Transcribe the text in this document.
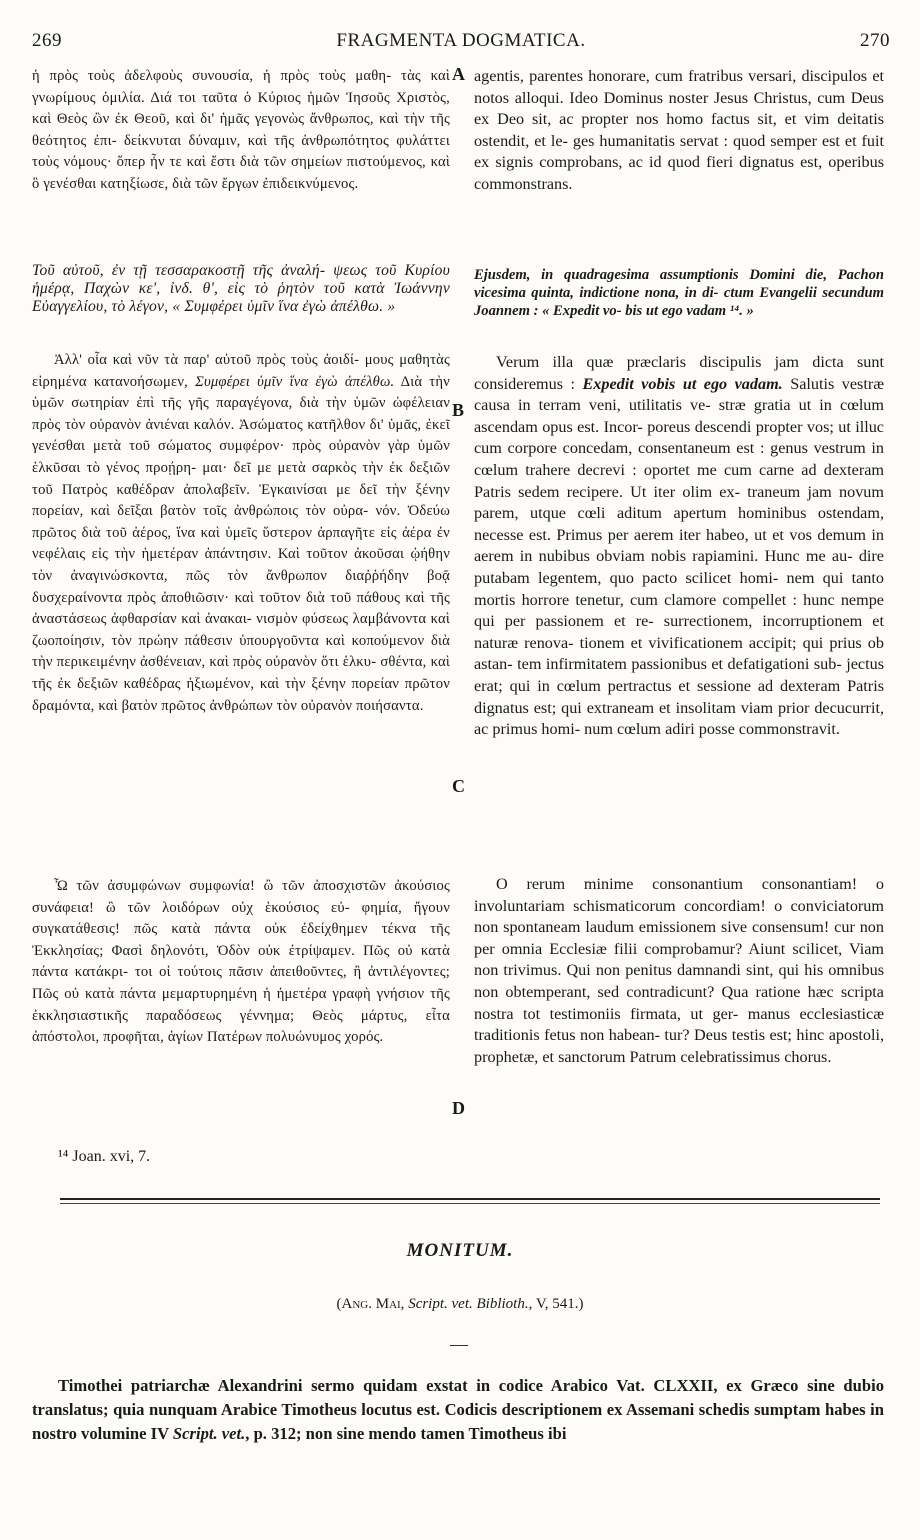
269	FRAGMENTA DOGMATICA.	270

ἡ πρὸς τοὺς ἀδελφοὺς συνουσία, ἡ πρὸς τοὺς μαθη- τὰς καὶ γνωρίμους ὁμιλία. Διά τοι ταῦτα ὁ Κύριος ἡμῶν Ἰησοῦς Χριστὸς, καὶ Θεὸς ὢν ἐκ Θεοῦ, καὶ δι' ἡμᾶς γεγονὼς ἄνθρωπος, καὶ τὴν τῆς θεότητος ἐπι- δείκνυται δύναμιν, καὶ τῆς ἀνθρωπότητος φυλάττει τοὺς νόμους· ὅπερ ἦν τε καὶ ἔστι διὰ τῶν σημείων πιστούμενος, καὶ ὃ γενέσθαι κατηξίωσε, διὰ τῶν ἔργων ἐπιδεικνύμενος.

Τοῦ αὐτοῦ, ἐν τῇ τεσσαρακοστῇ τῆς ἀναλή- ψεως τοῦ Κυρίου ἡμέρᾳ, Παχὼν κε', ἰνδ. θ', εἰς τὸ ῥητὸν τοῦ κατὰ Ἰωάννην Εὐαγγελίου, τὸ λέγον, « Συμφέρει ὑμῖν ἵνα ἐγὼ ἀπέλθω. »

Ἀλλ' οἷα καὶ νῦν τὰ παρ' αὐτοῦ πρὸς τοὺς ἀοιδί- μους μαθητὰς εἰρημένα κατανοήσωμεν, Συμφέρει ὑμῖν ἵνα ἐγὼ ἀπέλθω. Διὰ τὴν ὑμῶν σωτηρίαν ἐπὶ τῆς γῆς παραγέγονα, διὰ τὴν ὑμῶν ὠφέλειαν πρὸς τὸν οὐρανὸν ἀνιέναι καλόν. Ἀσώματος κατῆλθον δι' ὑμᾶς, ἐκεῖ γενέσθαι μετὰ τοῦ σώματος συμφέρον· πρὸς οὐρανὸν γὰρ ὑμῶν ἑλκῦσαι τὸ γένος προῄρη- μαι· δεῖ με μετὰ σαρκὸς τὴν ἐκ δεξιῶν τοῦ Πατρὸς καθέδραν ἀπολαβεῖν. Ἐγκαινίσαι με δεῖ τὴν ξένην πορείαν, καὶ δεῖξαι βατὸν τοῖς ἀνθρώποις τὸν οὐρα- νόν. Ὀδεύω πρῶτος διὰ τοῦ ἀέρος, ἵνα καὶ ὑμεῖς ὕστερον ἀρπαγῆτε εἰς ἀέρα ἐν νεφέλαις εἰς τὴν ἡμετέραν ἀπάντησιν. Καὶ τοῦτον ἀκοῦσαι ᾠήθην τὸν ἀναγινώσκοντα, πῶς τὸν ἄνθρωπον διαῤῥήδην βοᾷ δυσχεραίνοντα πρὸς ἀποθιῶσιν· καὶ τοῦτον διὰ τοῦ πάθους καὶ τῆς ἀναστάσεως ἀφθαρσίαν καὶ ἀνακαι- νισμὸν φύσεως λαμβάνοντα καὶ ζωοποίησιν, τὸν πρώην πάθεσιν ὑπουργοῦντα καὶ κοπούμενον διὰ τὴν περικειμένην ἀσθένειαν, καὶ πρὸς οὐρανὸν ὅτι ἑλκυ- σθέντα, καὶ τῆς ἐκ δεξιῶν καθέδρας ἠξιωμένον, καὶ τὴν ξένην πορείαν πρῶτον δραμόντα, καὶ βατὸν πρῶτος ἀνθρώπων τὸν οὐρανὸν ποιήσαντα.

Ὦ τῶν ἀσυμφώνων συμφωνία! ὢ τῶν ἀποσχιστῶν ἀκούσιος συνάφεια! ὢ τῶν λοιδόρων οὐχ ἑκούσιος εὐ- φημία, ἤγουν συγκατάθεσις! πῶς κατὰ πάντα οὐκ ἐδείχθημεν τέκνα τῆς Ἐκκλησίας; Φασὶ δηλονότι, Ὁδὸν οὐκ ἐτρίψαμεν. Πῶς οὐ κατὰ πάντα κατάκρι- τοι οἱ τούτοις πᾶσιν ἀπειθοῦντες, ἢ ἀντιλέγοντες; Πῶς οὐ κατὰ πάντα μεμαρτυρημένη ἡ ἡμετέρα γραφὴ γνήσιον τῆς ἐκκλησιαστικῆς παραδόσεως γέννημα; Θεὸς μάρτυς, εἶτα ἀπόστολοι, προφῆται, ἁγίων Πατέρων πολυώνυμος χορός.

agentis, parentes honorare, cum fratribus versari, discipulos et notos alloqui. Ideo Dominus noster Jesus Christus, cum Deus ex Deo sit, ac propter nos homo factus sit, et vim deitatis ostendit, et le- ges humanitatis servat : quod semper est et fuit ex signis comprobans, ac id quod fieri dignatus est, operibus commonstrans.

Ejusdem, in quadragesima assumptionis Domini die, Pachon vicesima quinta, indictione nona, in di- ctum Evangelii secundum Joannem : « Expedit vo- bis ut ego vadam ¹⁴. »

Verum illa quæ præclaris discipulis jam dicta sunt consideremus : Expedit vobis ut ego vadam. Salutis vestræ causa in terram veni, utilitatis ve- stræ gratia ut in cœlum ascendam opus est. Incor- poreus descendi propter vos; ut illuc cum corpore concedam, consentaneum est : genus vestrum in cœlum trahere decrevi : oportet me cum carne ad dexteram Patris sedem recipere. Ut iter olim ex- traneum jam novum parem, utque cœli aditum apertum hominibus ostendam, necesse est. Primus per aerem iter habeo, ut et vos demum in aerem in nubibus obviam nobis rapiamini. Hunc me au- dire putabam legentem, quo pacto scilicet homi- nem qui tanto mortis horrore tenetur, cum clamore compellet : hunc nempe qui per passionem et re- surrectionem, incorruptionem et naturæ renova- tionem et vivificationem accipit; qui prius ob astan- tem infirmitatem passionibus et defatigationi sub- jectus erat; qui in cœlum pertractus et sessione ad dexteram Patris dignatus est; qui extraneam et insolitam viam prior decucurrit, ac primus homi- num cœlum adiri posse commonstravit.

O rerum minime consonantium consonantiam! o involuntariam schismaticorum concordiam! o conviciatorum non spontaneam laudum emissionem sive consensum! cur non per omnia Ecclesiæ filii comprobamur? Aiunt scilicet, Viam non trivimus. Qui non penitus damnandi sint, qui his omnibus non obtemperant, sed contradicunt? Qua ratione hæc scripta nostra tot testimoniis firmata, ut ger- manus ecclesiasticæ traditionis fetus non habean- tur? Deus testis est; hinc apostoli, prophetæ, et sanctorum Patrum celebratissimus chorus.

A
B
C
D
¹⁴ Joan. xvi, 7.
MONITUM.
(Ang. Mai, Script. vet. Biblioth., V, 541.)

Timothei patriarchæ Alexandrini sermo quidam exstat in codice Arabico Vat. CLXXII, ex Græco sine dubio translatus; quia nunquam Arabice Timotheus locutus est. Codicis descriptionem ex Assemani schedis sumptam habes in nostro volumine IV Script. vet., p. 312; non sine mendo tamen Timotheus ibi
